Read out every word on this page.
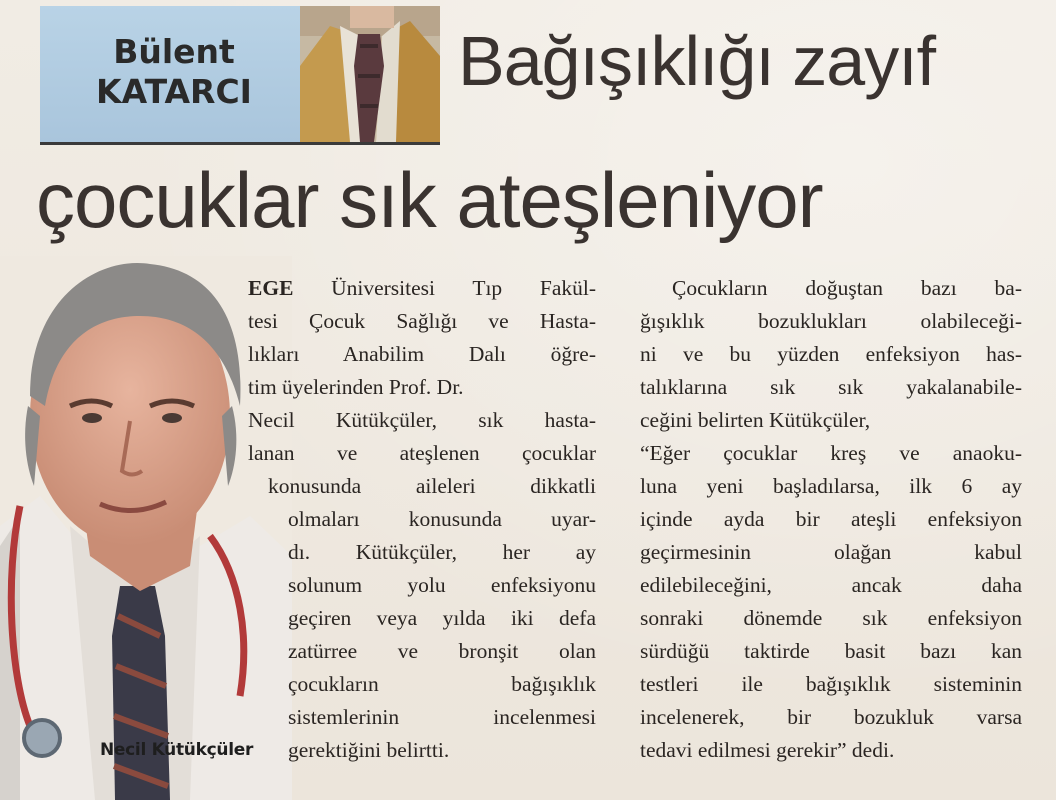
Bülent
KATARCI	Bağışıklığı zayıf
çocuklar sık ateşleniyor
Necil Kütükçüler
EGE Üniversitesi Tıp Fakül-
tesi Çocuk Sağlığı ve Hasta-
lıkları Anabilim Dalı öğre-
tim üyelerinden Prof. Dr.
Necil Kütükçüler, sık hasta-
lanan ve ateşlenen çocuklar
konusunda aileleri dikkatli
olmaları konusunda uyar-
dı. Kütükçüler, her ay
solunum yolu enfeksiyonu
geçiren veya yılda iki defa
zatürree ve bronşit olan
çocukların bağışıklık
sistemlerinin incelenmesi
gerektiğini belirtti.
Çocukların doğuştan bazı ba-
ğışıklık bozuklukları olabileceği-
ni ve bu yüzden enfeksiyon has-
talıklarına sık sık yakalanabile-
ceğini belirten Kütükçüler,
“Eğer çocuklar kreş ve anaoku-
luna yeni başladılarsa, ilk 6 ay
içinde ayda bir ateşli enfeksiyon
geçirmesinin olağan kabul
edilebileceğini, ancak daha
sonraki dönemde sık enfeksiyon
sürdüğü taktirde basit bazı kan
testleri ile bağışıklık sisteminin
incelenerek, bir bozukluk varsa
tedavi edilmesi gerekir” dedi.
